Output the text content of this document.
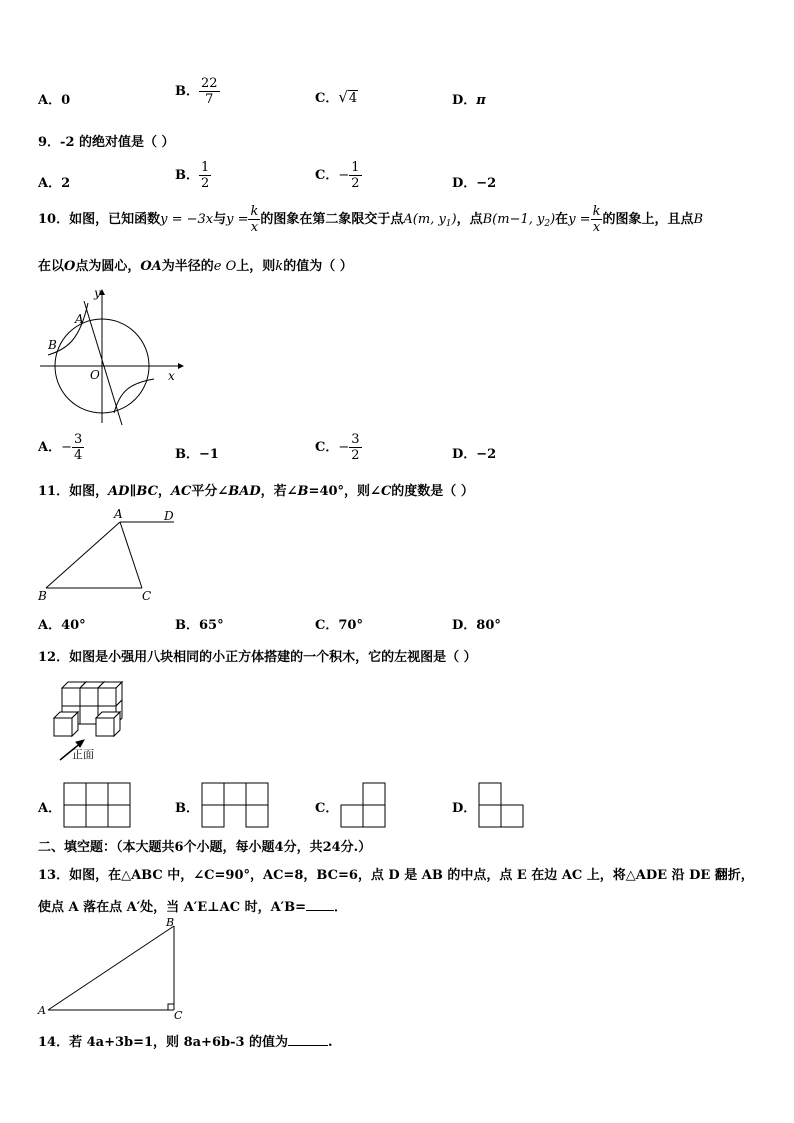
A．0
B． $\frac{22}{7}$	C．√4	D．π
9．-2 的绝对值是（ ）
A．2
B． $\frac{1}{2}$	C．− $\frac{1}{2}$	D．−2
10．如图，已知函数y = −3x与$y = \frac{k}{x}$ 的图象在第二象限交于点A(m, $y_1$)，点B(m−1, $y_2$)在$y = \frac{k}{x}$ 的图象上，且点B
在以O点为圆心，OA为半径的e O上，则k的值为（ ）
y
A
B
O	x
A．− $\frac{3}{4}$	B．−1	C．− $\frac{3}{2}$	D．−2
11．如图，AD∥BC，AC平分∠BAD，若∠B=40°，则∠C的度数是（ ）
A	D
B	C
A．40°	B．65°	C．70°	D．80°
12．如图是小强用八块相同的小正方体搭建的一个积木，它的左视图是（ ）
正面
A．	B．	C．	D．
二、填空题：（本大题共6个小题，每小题4分，共24分.）
13．如图，在△ABC 中，∠C=90°，AC=8，BC=6，点 D 是 AB 的中点，点 E 在边 AC 上，将△ADE 沿 DE 翻折，
使点 A 落在点 A′处，当 A′E⊥AC 时，A′B= ．
A
B
C
14．若 4a+3b=1，则 8a+6b-3 的值为	.
